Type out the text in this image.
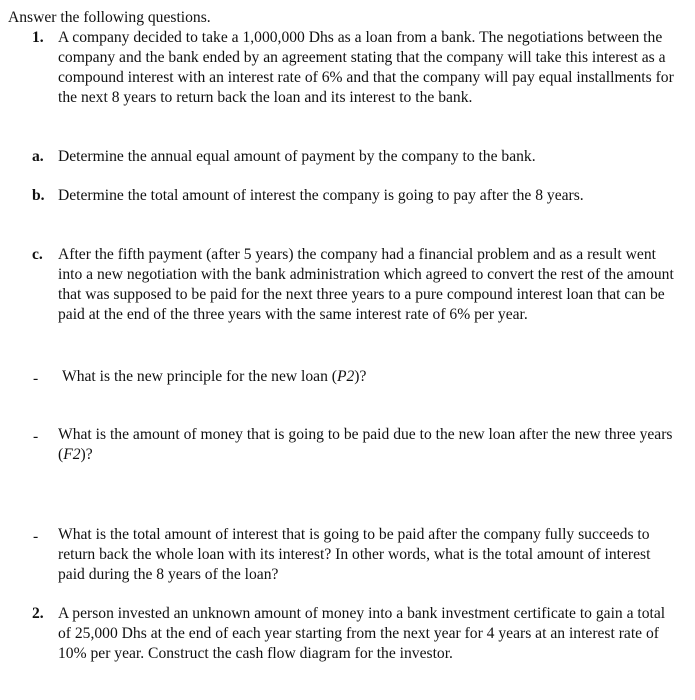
Answer the following questions.
1. A company decided to take a 1,000,000 Dhs as a loan from a bank. The negotiations between the company and the bank ended by an agreement stating that the company will take this interest as a compound interest with an interest rate of 6% and that the company will pay equal installments for the next 8 years to return back the loan and its interest to the bank.
a. Determine the annual equal amount of payment by the company to the bank.
b. Determine the total amount of interest the company is going to pay after the 8 years.
c. After the fifth payment (after 5 years) the company had a financial problem and as a result went into a new negotiation with the bank administration which agreed to convert the rest of the amount that was supposed to be paid for the next three years to a pure compound interest loan that can be paid at the end of the three years with the same interest rate of 6% per year.
- What is the new principle for the new loan (P2)?
- What is the amount of money that is going to be paid due to the new loan after the new three years (F2)?
- What is the total amount of interest that is going to be paid after the company fully succeeds to return back the whole loan with its interest? In other words, what is the total amount of interest paid during the 8 years of the loan?
2. A person invested an unknown amount of money into a bank investment certificate to gain a total of 25,000 Dhs at the end of each year starting from the next year for 4 years at an interest rate of 10% per year. Construct the cash flow diagram for the investor.
